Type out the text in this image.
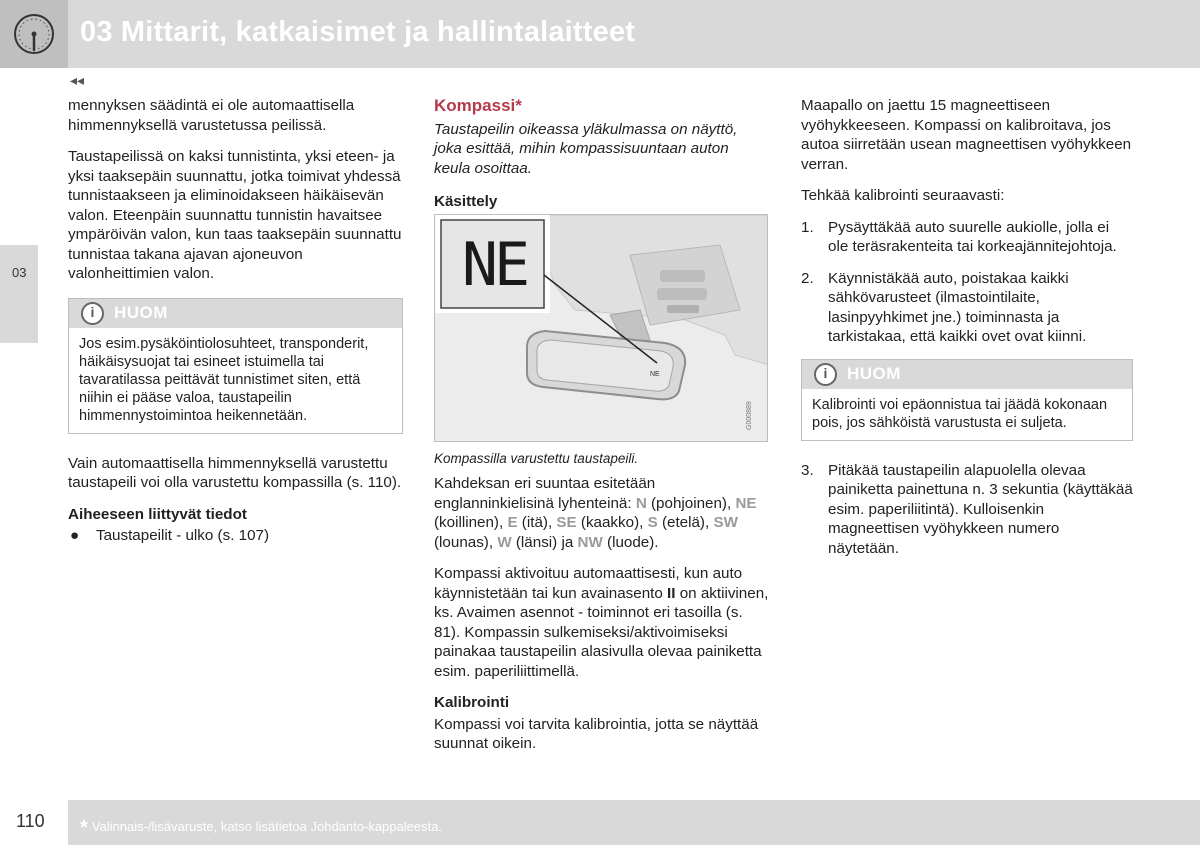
03 Mittarit, katkaisimet ja hallintalaitteet
◂◂
03

mennyksen säädintä ei ole automaattisella himmennyksellä varustetussa peilissä.

Taustapeilissä on kaksi tunnistinta, yksi eteen- ja yksi taaksepäin suunnattu, jotka toimivat yhdessä tunnistaakseen ja eliminoidakseen häikäisevän valon. Eteenpäin suunnattu tunnistin havaitsee ympäröivän valon, kun taas taaksepäin suunnattu tunnistaa takana ajavan ajoneuvon valonheittimien valon.

i	HUOM
Jos esim.pysäköintiolosuhteet, transponderit, häikäisysuojat tai esineet istuimella tai tavaratilassa peittävät tunnistimet siten, että niihin ei pääse valoa, taustapeilin himmennystoimintoa heikennetään.

Vain automaattisella himmennyksellä varustettu taustapeili voi olla varustettu kompassilla (s. 110).

Aiheeseen liittyvät tiedot
● Taustapeilit - ulko (s. 107)
Kompassi*
Taustapeilin oikeassa yläkulmassa on näyttö, joka esittää, mihin kompassisuuntaan auton keula osoittaa.
Käsittely
G000889
NE
NE
Kompassilla varustettu taustapeili.

Kahdeksan eri suuntaa esitetään englanninkielisinä lyhenteinä: N (pohjoinen), NE (koillinen), E (itä), SE (kaakko), S (etelä), SW (lounas), W (länsi) ja NW (luode).

Kompassi aktivoituu automaattisesti, kun auto käynnistetään tai kun avainasento II on aktiivinen, ks. Avaimen asennot - toiminnot eri tasoilla (s. 81). Kompassin sulkemiseksi/aktivoimiseksi painakaa taustapeilin alasivulla olevaa painiketta esim. paperiliittimellä.

Kalibrointi

Kompassi voi tarvita kalibrointia, jotta se näyttää suunnat oikein.

Maapallo on jaettu 15 magneettiseen vyöhykkeeseen. Kompassi on kalibroitava, jos autoa siirretään usean magneettisen vyöhykkeen verran.

Tehkää kalibrointi seuraavasti:

1. Pysäyttäkää auto suurelle aukiolle, jolla ei ole teräsrakenteita tai korkeajännitejohtoja.
2. Käynnistäkää auto, poistakaa kaikki sähkövarusteet (ilmastointilaite, lasinpyyhkimet jne.) toiminnasta ja tarkistakaa, että kaikki ovet ovat kiinni.
i	HUOM
Kalibrointi voi epäonnistua tai jäädä kokonaan pois, jos sähköistä varustusta ei suljeta.
3. Pitäkää taustapeilin alapuolella olevaa painiketta painettuna n. 3 sekuntia (käyttäkää esim. paperiliitintä). Kulloisenkin magneettisen vyöhykkeen numero näytetään.
110 * Valinnais-/lisävaruste, katso lisätietoa Johdanto-kappaleesta.
